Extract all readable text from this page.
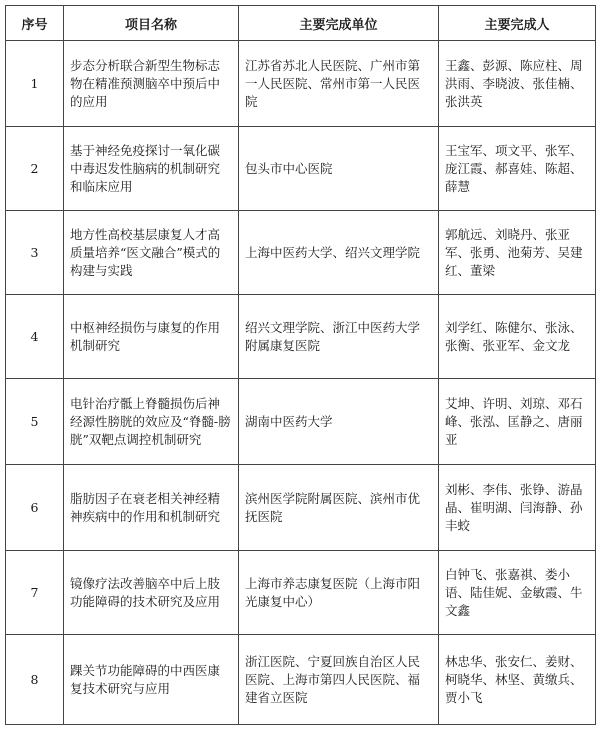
序号	项目名称	主要完成单位	主要完成人
1	步态分析联合新型生物标志物在精准预测脑卒中预后中的应用	江苏省苏北人民医院、广州市第一人民医院、常州市第一人民医院	王鑫、彭源、陈应柱、周洪雨、李晓波、张佳楠、张洪英
2	基于神经免疫探讨一氧化碳中毒迟发性脑病的机制研究和临床应用	包头市中心医院	王宝军、项文平、张军、庞江霞、郝喜娃、陈超、薛慧
3	地方性高校基层康复人才高质量培养“医文融合”模式的构建与实践	上海中医药大学、绍兴文理学院	郭航远、刘晓丹、张亚军、张勇、池菊芳、吴建红、董梁
4	中枢神经损伤与康复的作用机制研究	绍兴文理学院、浙江中医药大学附属康复医院	刘学红、陈健尔、张泳、张衡、张亚军、金文龙
5	电针治疗骶上脊髓损伤后神经源性膀胱的效应及“脊髓-膀胱”双靶点调控机制研究	湖南中医药大学	艾坤、许明、刘琼、邓石峰、张泓、匡静之、唐丽亚
6	脂肪因子在衰老相关神经精神疾病中的作用和机制研究	滨州医学院附属医院、滨州市优抚医院	刘彬、李伟、张铮、游晶晶、崔明湖、闫海静、孙丰蛟
7	镜像疗法改善脑卒中后上肢功能障碍的技术研究及应用	上海市养志康复医院（上海市阳光康复中心）	白钟飞、张嘉祺、娄小语、陆佳妮、金敏霞、牛文鑫
8	踝关节功能障碍的中西医康复技术研究与应用	浙江医院、宁夏回族自治区人民医院、上海市第四人民医院、福建省立医院	林忠华、张安仁、姜财、柯晓华、林坚、黄缴兵、贾小飞
